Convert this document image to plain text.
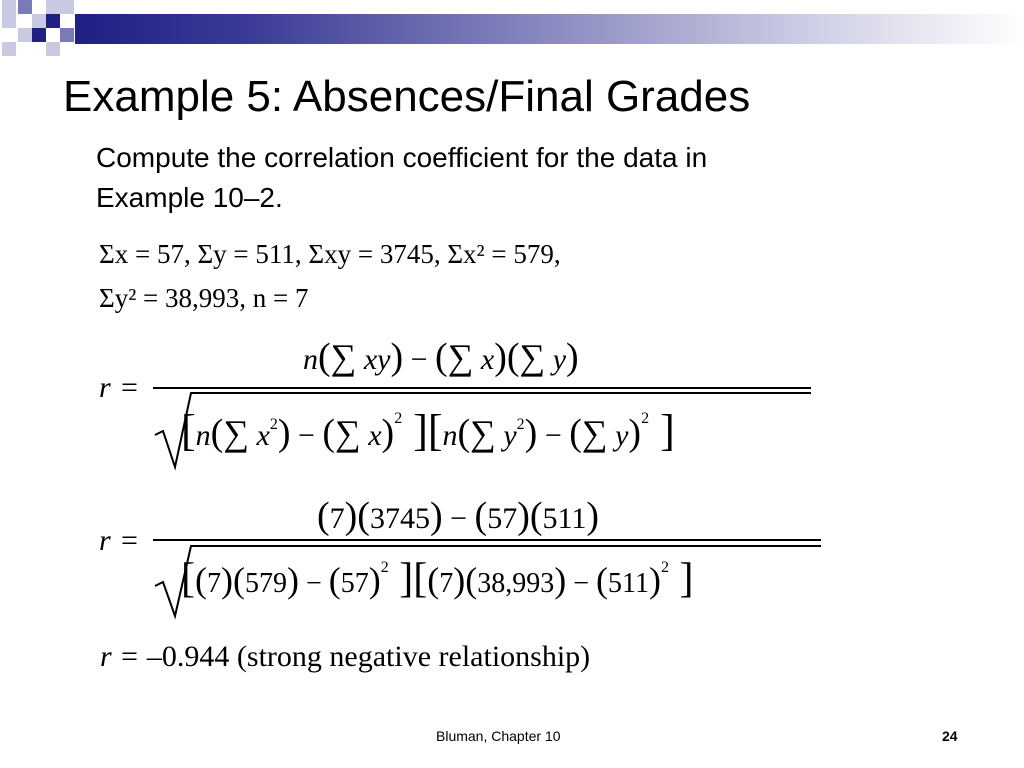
Example 5: Absences/Final Grades
Compute the correlation coefficient for the data in
Example 10–2.
Σx = 57, Σy = 511, Σxy = 3745, Σx² = 579,
Σy² = 38,993, n = 7
r =
n(∑ xy) − (∑ x)(∑ y)
[n(∑ $x^2$) − (∑ x)$^2$ ][n(∑ $y^2$) − (∑ y)$^2$ ]
r =
(7)(3745) − (57)(511)
[$(7)(579) - (57)^2$ ][$(7)(38,993) - (511)^2$ ]
r = –0.944 (strong negative relationship)
Bluman, Chapter 10	24
